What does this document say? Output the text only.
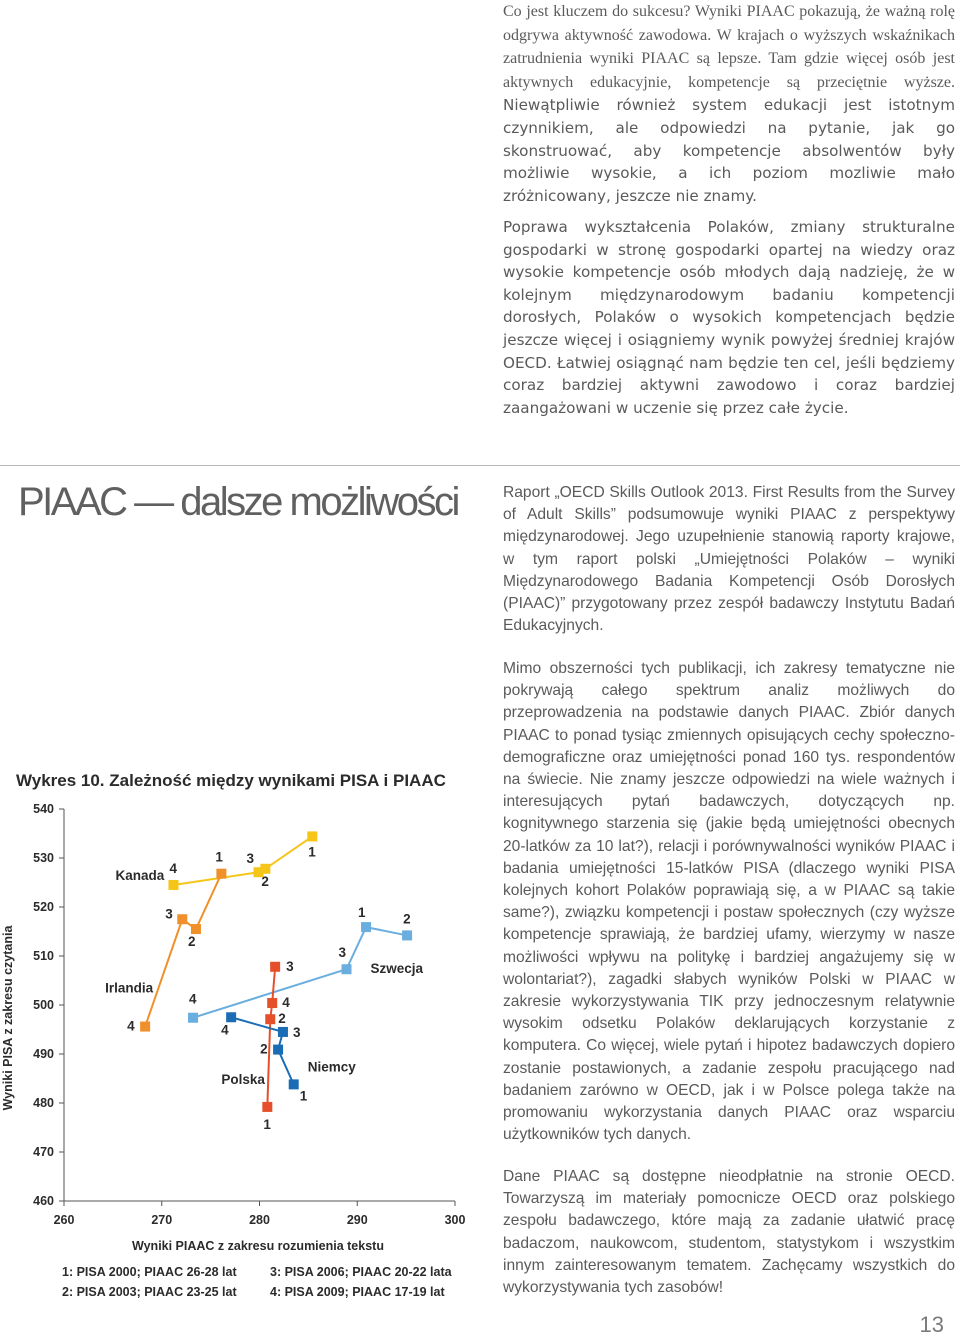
Co jest kluczem do sukcesu? Wyniki PIAAC pokazują, że ważną rolę odgrywa aktywność zawodowa. W krajach o wyższych wskaźnikach zatrudnienia wyniki PIAAC są lepsze. Tam gdzie więcej osób jest aktywnych edukacyjnie, kompetencje są przeciętnie wyższe. Niewątpliwie również system edukacji jest istotnym czynnikiem, ale odpowiedzi na pytanie, jak go skonstruować, aby kompetencje absolwentów były możliwie wysokie, a ich poziom mozliwie mało zróżnicowany, jeszcze nie znamy.

Poprawa wykształcenia Polaków, zmiany strukturalne gospodarki w stronę gospodarki opartej na wiedzy oraz wysokie kompetencje osób młodych dają nadzieję, że w kolejnym międzynarodowym badaniu kompetencji dorosłych, Polaków o wysokich kompetencjach będzie jeszcze więcej i osiągniemy wynik powyżej średniej krajów OECD. Łatwiej osiągnąć nam będzie ten cel, jeśli będziemy coraz bardziej aktywni zawodowo i coraz bardziej zaangażowani w uczenie się przez całe życie.

PIAAC — dalsze możliwości	Raport „OECD Skills Outlook 2013. First Results from the Survey of Adult Skills” podsumowuje wyniki PIAAC z perspektywy międzynarodowej. Jego uzupełnienie stanowią raporty krajowe, w tym raport polski „Umiejętności Polaków – wyniki Międzynarodowego Badania Kompetencji Osób Dorosłych (PIAAC)” przygotowany przez zespół badawczy Instytutu Badań Edukacyjnych.

Mimo obszerności tych publikacji, ich zakresy tematyczne nie pokrywają całego spektrum analiz możliwych do przeprowadzenia na podstawie danych PIAAC. Zbiór danych PIAAC to ponad tysiąc zmiennych opisujących cechy społeczno-demograficzne oraz umiejętności ponad 160 tys. respondentów na świecie. Nie znamy jeszcze odpowiedzi na wiele ważnych i interesujących pytań badawczych, dotyczących np. kognitywnego starzenia się (jakie będą umiejętności obecnych 20-latków za 10 lat?), relacji i porównywalności wyników PIAAC i badania umiejętności 15-latków PISA (dlaczego wyniki PISA kolejnych kohort Polaków poprawiają się, a w PIAAC są takie same?), związku kompetencji i postaw społecznych (czy wyższe kompetencje sprawiają, że bardziej ufamy, wierzymy w nasze możliwości wpływu na politykę i bardziej angażujemy się w wolontariat?), zagadki słabych wyników Polski w PIAAC w zakresie wykorzystywania TIK przy jednoczesnym relatywnie wysokim odsetku Polaków deklarujących korzystanie z komputera. Co więcej, wiele pytań i hipotez badawczych dopiero zostanie postawionych, a zadanie zespołu pracującego nad badaniem zarówno w OECD, jak i w Polsce polega także na promowaniu wykorzystania danych PIAAC oraz wsparciu użytkowników tych danych.

Dane PIAAC są dostępne nieodpłatnie na stronie OECD. Towarzyszą im materiały pomocnicze OECD oraz polskiego zespołu badawczego, które mają za zadanie ułatwić pracę badaczom, naukowcom, studentom, statystykom i wszystkim innym zainteresowanym tematem. Zachęcamy wszystkich do wykorzystywania tych zasobów!

13
Wykres 10. Zależność między wynikami PISA i PIAAC
460
470
480
490
500
510
520
530
540
260	270	280	290	300
4
3
2
1
Kanada
4
3
2
1
Irlandia
4
3
1	2
Szwecja
1
2
4
3
Polska
4	3
2
1
Niemcy
Wyniki PIAAC z zakresu rozumienia tekstu
Wyniki PISA z zakresu czytania
1: PISA 2000; PIAAC 26-28 lat
2: PISA 2003; PIAAC 23-25 lat
3: PISA 2006; PIAAC 20-22 lata
4: PISA 2009; PIAAC 17-19 lat
